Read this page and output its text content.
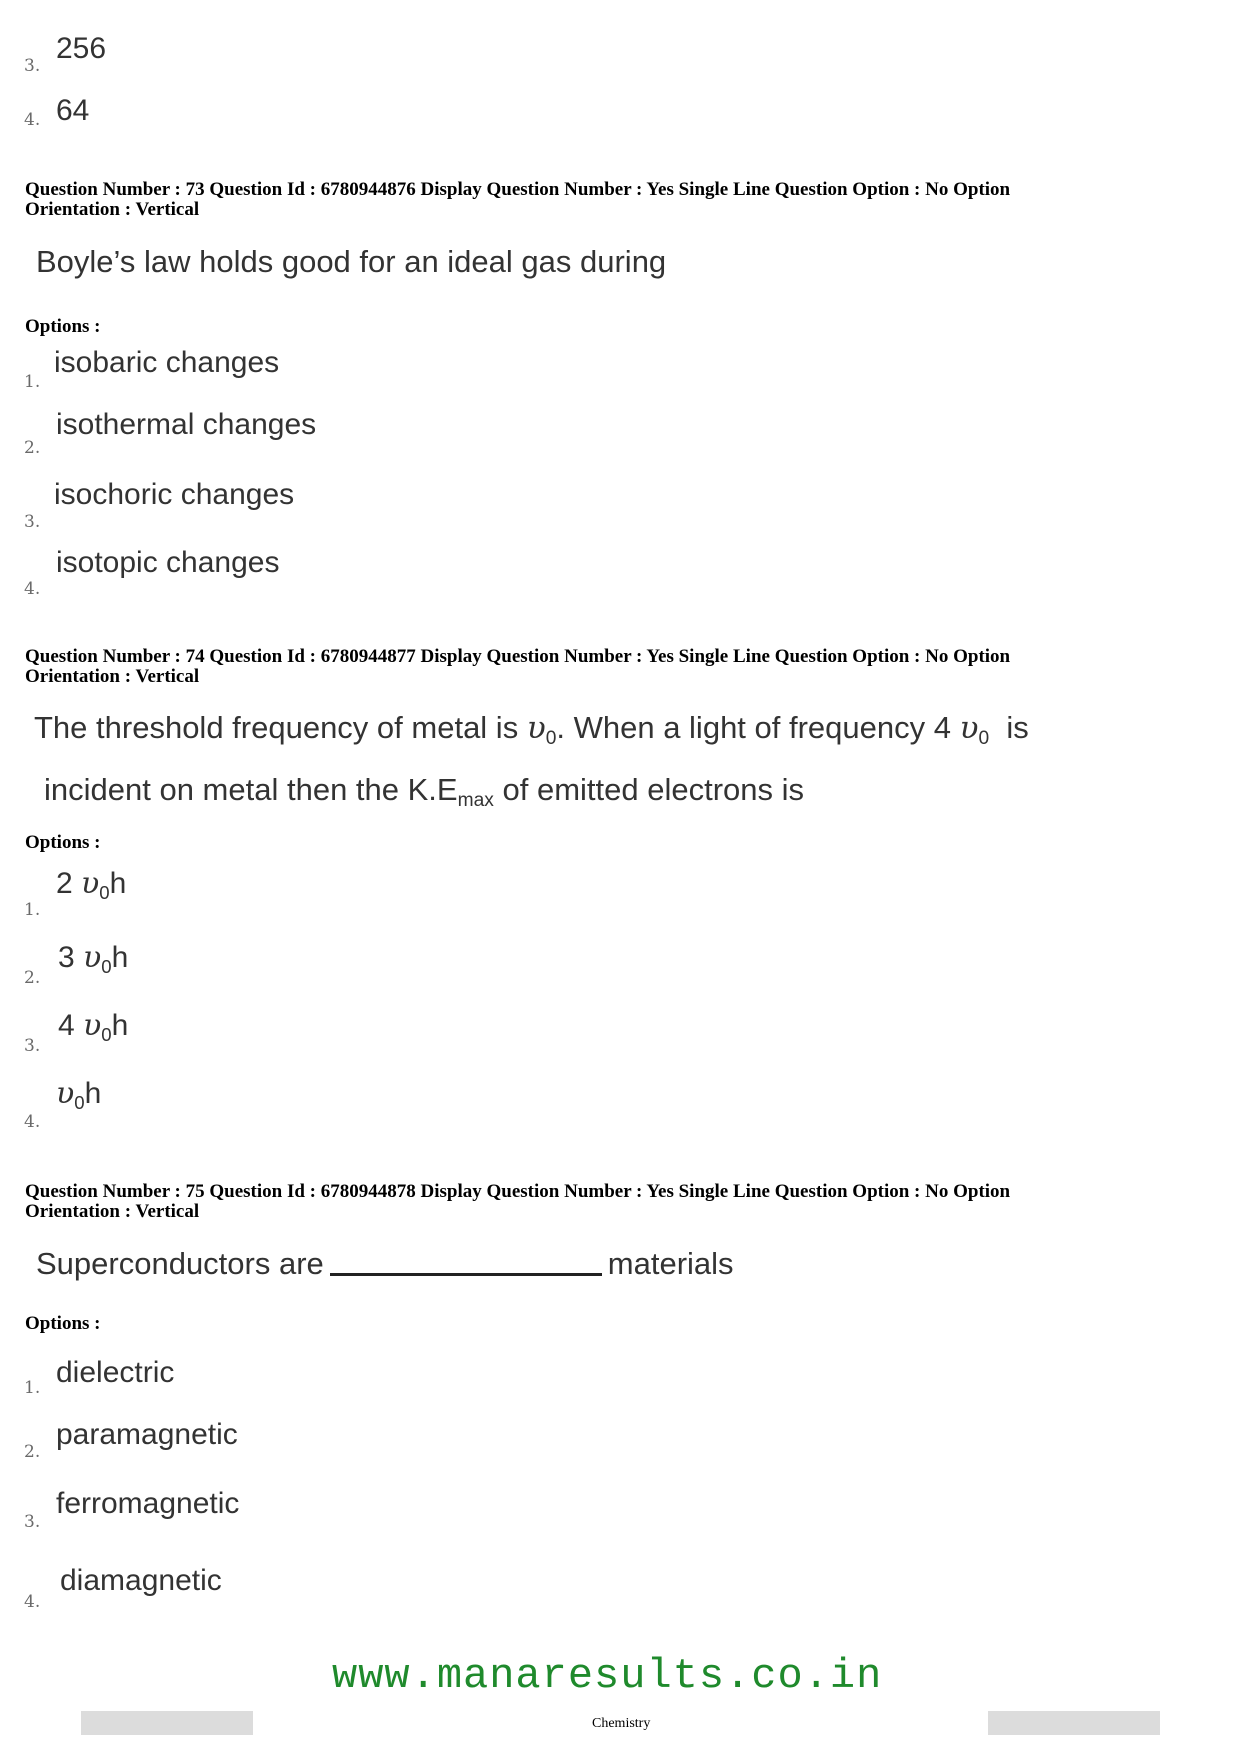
3.
256
4. 64
Question Number : 73 Question Id : 6780944876 Display Question Number : Yes Single Line Question Option : No Option
Orientation : Vertical
Boyle’s law holds good for an ideal gas during
Options :
1.
isobaric changes
2.
isothermal changes
3.
isochoric changes
4.
isotopic changes
Question Number : 74 Question Id : 6780944877 Display Question Number : Yes Single Line Question Option : No Option
Orientation : Vertical
The threshold frequency of metal is $\upsilon_0$. When a light of frequency 4 $\upsilon_0$ is
incident on metal then the $K.E_{max}$ of emitted electrons is
Options :
1.
2 $\upsilon_0h$
2.
3 $\upsilon_0h$
3.
4 $\upsilon_0h$
4.
$\upsilon_0h$
Question Number : 75 Question Id : 6780944878 Display Question Number : Yes Single Line Question Option : No Option
Orientation : Vertical
Superconductors are	materials
Options :
1. dielectric
2.
paramagnetic
3.
ferromagnetic
4.
diamagnetic
www.manaresults.co.in
Chemistry
